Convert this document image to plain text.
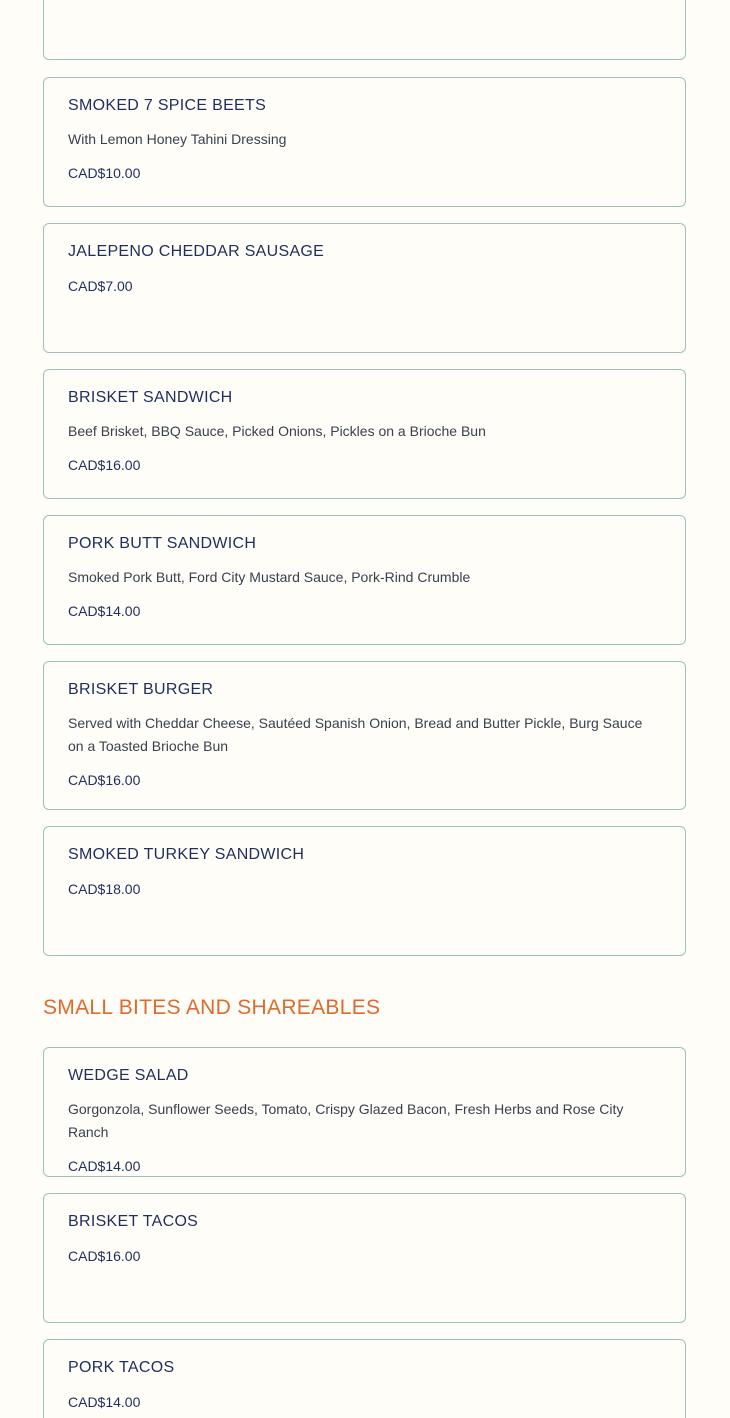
SMOKED 7 SPICE BEETS

With Lemon Honey Tahini Dressing

CAD$10.00

JALEPENO CHEDDAR SAUSAGE

CAD$7.00

BRISKET SANDWICH

Beef Brisket, BBQ Sauce, Picked Onions, Pickles on a Brioche Bun

CAD$16.00

PORK BUTT SANDWICH

Smoked Pork Butt, Ford City Mustard Sauce, Pork-Rind Crumble

CAD$14.00

BRISKET BURGER

Served with Cheddar Cheese, Sautéed Spanish Onion, Bread and Butter Pickle, Burg Sauce on a Toasted Brioche Bun

CAD$16.00

SMOKED TURKEY SANDWICH

CAD$18.00

SMALL BITES AND SHAREABLES

WEDGE SALAD

Gorgonzola, Sunflower Seeds, Tomato, Crispy Glazed Bacon, Fresh Herbs and Rose City Ranch

CAD$14.00

BRISKET TACOS

CAD$16.00

PORK TACOS

CAD$14.00
